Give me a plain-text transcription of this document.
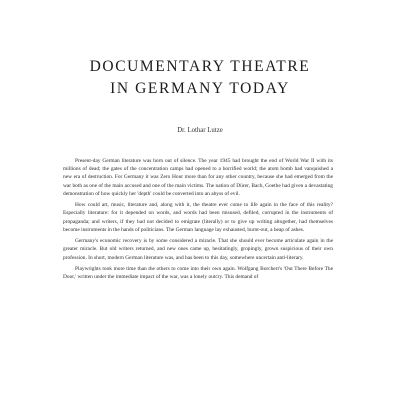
DOCUMENTARY THEATRE
IN GERMANY TODAY

Dr. Lothar Lutze

Present-day German literature was born out of silence. The year 1945 had brought the end of World War II with its millions of dead; the gates of the concentration camps had opened to a horrified world; the atom bomb had vanquished a new era of destruction. For Germany it was Zero Hour more than for any other country, because she had emerged from the war both as one of the main accused and one of the main victims. The nation of Dürer, Bach, Goethe had given a devastating demonstration of how quickly her 'depth' could be converted into an abyss of evil.

How could art, music, literature and, along with it, the theatre ever come to life again in the face of this reality? Especially literature: for it depended on words, and words had been misused, defiled, corrupted in the instruments of propaganda; and writers, if they had not decided to emigrate (literally) or to give up writing altogether, had themselves become instruments in the hands of politicians. The German language lay exhausted, burnt-out, a heap of ashes.

Germany's economic recovery is by some considered a miracle. That she should ever become articulate again in the greater miracle. But old writers returned, and new ones came up, hesitatingly, gropingly, grown suspicious of their own profession. In short, modern German literature was, and has been to this day, somewhere uncertain anti-literary.

Playwrights took more time than the others to come into their own again. Wolfgang Borchert's 'Out There Before The Door,' written under the immediate impact of the war, was a lonely outcry. This demand of
